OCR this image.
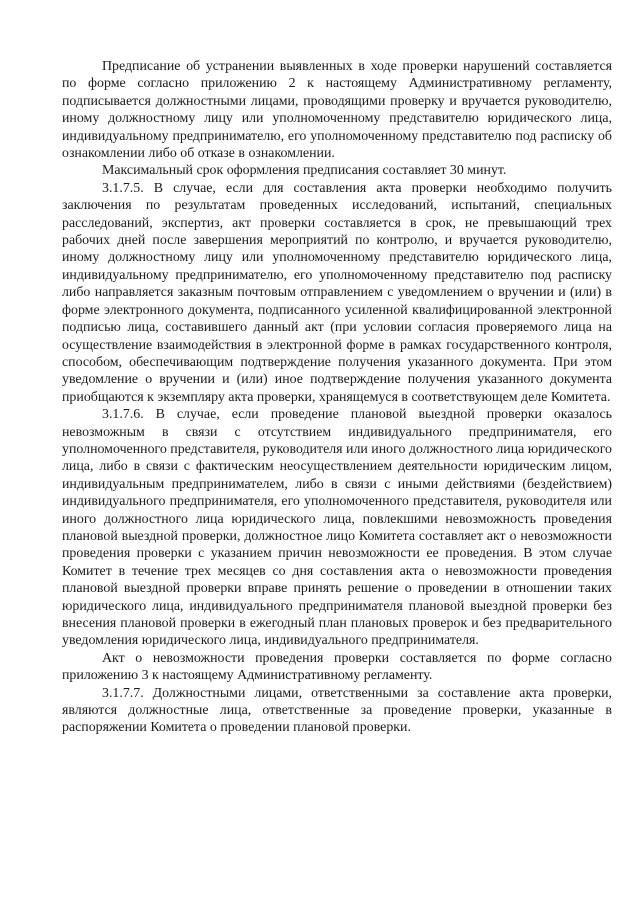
Предписание об устранении выявленных в ходе проверки нарушений составляется по форме согласно приложению 2 к настоящему Административному регламенту, подписывается должностными лицами, проводящими проверку и вручается руководителю, иному должностному лицу или уполномоченному представителю юридического лица, индивидуальному предпринимателю, его уполномоченному представителю под расписку об ознакомлении либо об отказе в ознакомлении.

Максимальный срок оформления предписания составляет 30 минут.

3.1.7.5. В случае, если для составления акта проверки необходимо получить заключения по результатам проведенных исследований, испытаний, специальных расследований, экспертиз, акт проверки составляется в срок, не превышающий трех рабочих дней после завершения мероприятий по контролю, и вручается руководителю, иному должностному лицу или уполномоченному представителю юридического лица, индивидуальному предпринимателю, его уполномоченному представителю под расписку либо направляется заказным почтовым отправлением с уведомлением о вручении и (или) в форме электронного документа, подписанного усиленной квалифицированной электронной подписью лица, составившего данный акт (при условии согласия проверяемого лица на осуществление взаимодействия в электронной форме в рамках государственного контроля, способом, обеспечивающим подтверждение получения указанного документа. При этом уведомление о вручении и (или) иное подтверждение получения указанного документа приобщаются к экземпляру акта проверки, хранящемуся в соответствующем деле Комитета.

3.1.7.6. В случае, если проведение плановой выездной проверки оказалось невозможным в связи с отсутствием индивидуального предпринимателя, его уполномоченного представителя, руководителя или иного должностного лица юридического лица, либо в связи с фактическим неосуществлением деятельности юридическим лицом, индивидуальным предпринимателем, либо в связи с иными действиями (бездействием) индивидуального предпринимателя, его уполномоченного представителя, руководителя или иного должностного лица юридического лица, повлекшими невозможность проведения плановой выездной проверки, должностное лицо Комитета составляет акт о невозможности проведения проверки с указанием причин невозможности ее проведения. В этом случае Комитет в течение трех месяцев со дня составления акта о невозможности проведения плановой выездной проверки вправе принять решение о проведении в отношении таких юридического лица, индивидуального предпринимателя плановой выездной проверки без внесения плановой проверки в ежегодный план плановых проверок и без предварительного уведомления юридического лица, индивидуального предпринимателя.

Акт о невозможности проведения проверки составляется по форме согласно приложению 3 к настоящему Административному регламенту.

3.1.7.7. Должностными лицами, ответственными за составление акта проверки, являются должностные лица, ответственные за проведение проверки, указанные в распоряжении Комитета о проведении плановой проверки.
